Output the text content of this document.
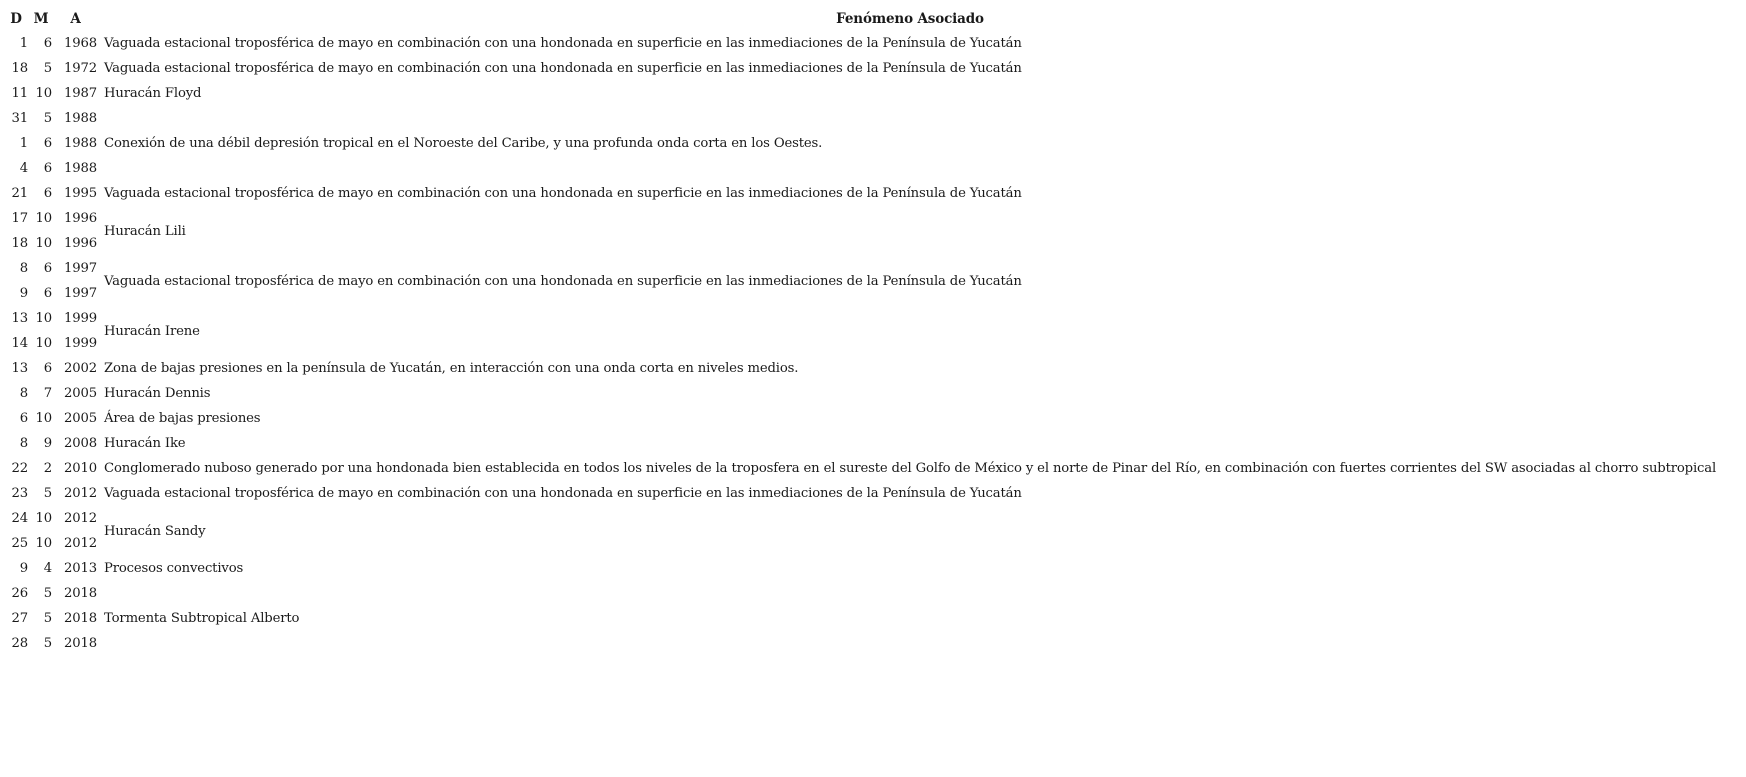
D	M	A	Fenómeno Asociado
1	6	1968	Vaguada estacional troposférica de mayo en combinación con una hondonada en superficie en las inmediaciones de la Península de Yucatán
18	5	1972	Vaguada estacional troposférica de mayo en combinación con una hondonada en superficie en las inmediaciones de la Península de Yucatán
11	10	1987	Huracán Floyd
31	5	1988	
1	6	1988	Conexión de una débil depresión tropical en el Noroeste del Caribe, y una profunda onda corta en los Oestes.
4	6	1988	
21	6	1995	Vaguada estacional troposférica de mayo en combinación con una hondonada en superficie en las inmediaciones de la Península de Yucatán
17	10	1996	Huracán Lili
18	10	1996	
8	6	1997	Vaguada estacional troposférica de mayo en combinación con una hondonada en superficie en las inmediaciones de la Península de Yucatán
9	6	1997	
13	10	1999	Huracán Irene
14	10	1999	
13	6	2002	Zona de bajas presiones en la península de Yucatán, en interacción con una onda corta en niveles medios.
8	7	2005	Huracán Dennis
6	10	2005	Área de bajas presiones
8	9	2008	Huracán Ike
22	2	2010	Conglomerado nuboso generado por una hondonada bien establecida en todos los niveles de la troposfera en el sureste del Golfo de México y el norte de Pinar del Río, en combinación con fuertes corrientes del SW asociadas al chorro subtropical
23	5	2012	Vaguada estacional troposférica de mayo en combinación con una hondonada en superficie en las inmediaciones de la Península de Yucatán
24	10	2012	Huracán Sandy
25	10	2012	
9	4	2013	Procesos convectivos
26	5	2018	
27	5	2018	Tormenta Subtropical Alberto
28	5	2018	
